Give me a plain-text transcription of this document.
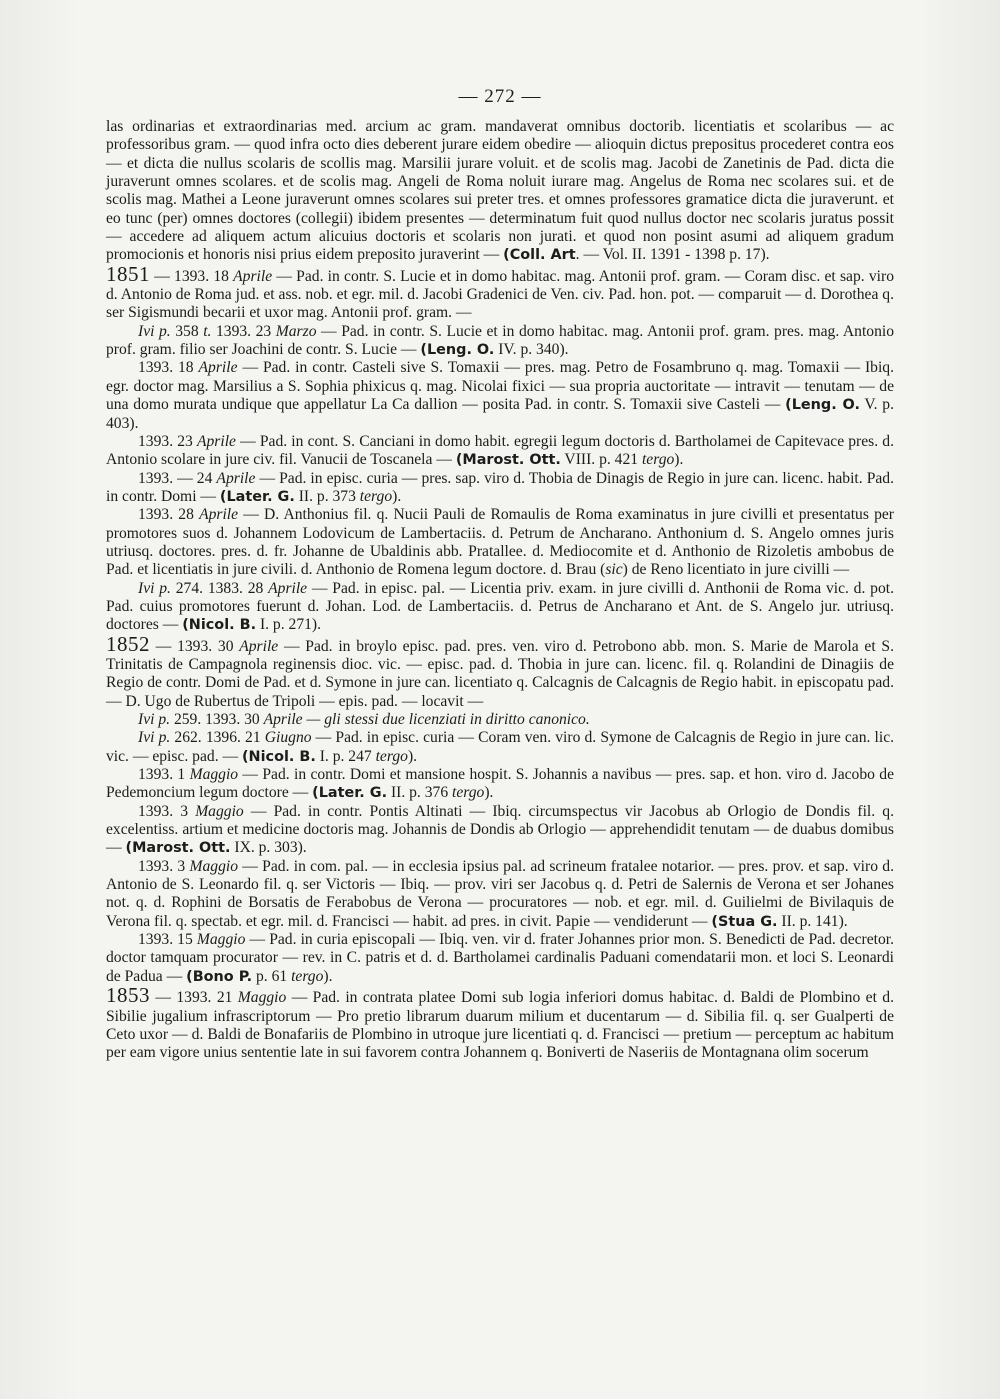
— 272 —

las ordinarias et extraordinarias med. arcium ac gram. mandaverat omnibus doctorib. licentiatis et scolaribus — ac professoribus gram. — quod infra octo dies deberent jurare eidem obedire — alioquin dictus prepositus procederet contra eos — et dicta die nullus scolaris de scollis mag. Marsilii jurare voluit. et de scolis mag. Jacobi de Zanetinis de Pad. dicta die juraverunt omnes scolares. et de scolis mag. Angeli de Roma noluit iurare mag. Angelus de Roma nec scolares sui. et de scolis mag. Mathei a Leone juraverunt omnes scolares sui preter tres. et omnes professores gramatice dicta die juraverunt. et eo tunc (per) omnes doctores (collegii) ibidem presentes — determinatum fuit quod nullus doctor nec scolaris juratus possit — accedere ad aliquem actum alicuius doctoris et scolaris non jurati. et quod non posint asumi ad aliquem gradum promocionis et honoris nisi prius eidem preposito juraverint — (Coll. Art. — Vol. II. 1391 - 1398 p. 17).

1851 — 1393. 18 Aprile — Pad. in contr. S. Lucie et in domo habitac. mag. Antonii prof. gram. — Coram disc. et sap. viro d. Antonio de Roma jud. et ass. nob. et egr. mil. d. Jacobi Gradenici de Ven. civ. Pad. hon. pot. — comparuit — d. Dorothea q. ser Sigismundi becarii et uxor mag. Antonii prof. gram. —

Ivi p. 358 t. 1393. 23 Marzo — Pad. in contr. S. Lucie et in domo habitac. mag. Antonii prof. gram. pres. mag. Antonio prof. gram. filio ser Joachini de contr. S. Lucie — (Leng. O. IV. p. 340).

1393. 18 Aprile — Pad. in contr. Casteli sive S. Tomaxii — pres. mag. Petro de Fosambruno q. mag. Tomaxii — Ibiq. egr. doctor mag. Marsilius a S. Sophia phixicus q. mag. Nicolai fixici — sua propria auctoritate — intravit — tenutam — de una domo murata undique que appellatur La Ca dallion — posita Pad. in contr. S. Tomaxii sive Casteli — (Leng. O. V. p. 403).

1393. 23 Aprile — Pad. in cont. S. Canciani in domo habit. egregii legum doctoris d. Bartholamei de Capitevace pres. d. Antonio scolare in jure civ. fil. Vanucii de Toscanela — (Marost. Ott. VIII. p. 421 tergo).

1393. — 24 Aprile — Pad. in episc. curia — pres. sap. viro d. Thobia de Dinagis de Regio in jure can. licenc. habit. Pad. in contr. Domi — (Later. G. II. p. 373 tergo).

1393. 28 Aprile — D. Anthonius fil. q. Nucii Pauli de Romaulis de Roma examinatus in jure civilli et presentatus per promotores suos d. Johannem Lodovicum de Lambertaciis. d. Petrum de Ancharano. Anthonium d. S. Angelo omnes juris utriusq. doctores. pres. d. fr. Johanne de Ubaldinis abb. Pratallee. d. Mediocomite et d. Anthonio de Rizoletis ambobus de Pad. et licentiatis in jure civili. d. Anthonio de Romena legum doctore. d. Brau (sic) de Reno licentiato in jure civilli —

Ivi p. 274. 1383. 28 Aprile — Pad. in episc. pal. — Licentia priv. exam. in jure civilli d. Anthonii de Roma vic. d. pot. Pad. cuius promotores fuerunt d. Johan. Lod. de Lambertaciis. d. Petrus de Ancharano et Ant. de S. Angelo jur. utriusq. doctores — (Nicol. B. I. p. 271).

1852 — 1393. 30 Aprile — Pad. in broylo episc. pad. pres. ven. viro d. Petrobono abb. mon. S. Marie de Marola et S. Trinitatis de Campagnola reginensis dioc. vic. — episc. pad. d. Thobia in jure can. licenc. fil. q. Rolandini de Dinagiis de Regio de contr. Domi de Pad. et d. Symone in jure can. licentiato q. Calcagnis de Calcagnis de Regio habit. in episcopatu pad. — D. Ugo de Rubertus de Tripoli — epis. pad. — locavit —

Ivi p. 259. 1393. 30 Aprile — gli stessi due licenziati in diritto canonico.

Ivi p. 262. 1396. 21 Giugno — Pad. in episc. curia — Coram ven. viro d. Symone de Calcagnis de Regio in jure can. lic. vic. — episc. pad. — (Nicol. B. I. p. 247 tergo).

1393. 1 Maggio — Pad. in contr. Domi et mansione hospit. S. Johannis a navibus — pres. sap. et hon. viro d. Jacobo de Pedemoncium legum doctore — (Later. G. II. p. 376 tergo).

1393. 3 Maggio — Pad. in contr. Pontis Altinati — Ibiq. circumspectus vir Jacobus ab Orlogio de Dondis fil. q. excelentiss. artium et medicine doctoris mag. Johannis de Dondis ab Orlogio — apprehendidit tenutam — de duabus domibus — (Marost. Ott. IX. p. 303).

1393. 3 Maggio — Pad. in com. pal. — in ecclesia ipsius pal. ad scrineum fratalee notarior. — pres. prov. et sap. viro d. Antonio de S. Leonardo fil. q. ser Victoris — Ibiq. — prov. viri ser Jacobus q. d. Petri de Salernis de Verona et ser Johanes not. q. d. Rophini de Borsatis de Ferabobus de Verona — procuratores — nob. et egr. mil. d. Guilielmi de Bivilaquis de Verona fil. q. spectab. et egr. mil. d. Francisci — habit. ad pres. in civit. Papie — vendiderunt — (Stua G. II. p. 141).

1393. 15 Maggio — Pad. in curia episcopali — Ibiq. ven. vir d. frater Johannes prior mon. S. Benedicti de Pad. decretor. doctor tamquam procurator — rev. in C. patris et d. d. Bartholamei cardinalis Paduani comendatarii mon. et loci S. Leonardi de Padua — (Bono P. p. 61 tergo).

1853 — 1393. 21 Maggio — Pad. in contrata platee Domi sub logia inferiori domus habitac. d. Baldi de Plombino et d. Sibilie jugalium infrascriptorum — Pro pretio librarum duarum milium et ducentarum — d. Sibilia fil. q. ser Gualperti de Ceto uxor — d. Baldi de Bonafariis de Plombino in utroque jure licentiati q. d. Francisci — pretium — perceptum ac habitum per eam vigore unius sententie late in sui favorem contra Johannem q. Boniverti de Naseriis de Montagnana olim socerum
